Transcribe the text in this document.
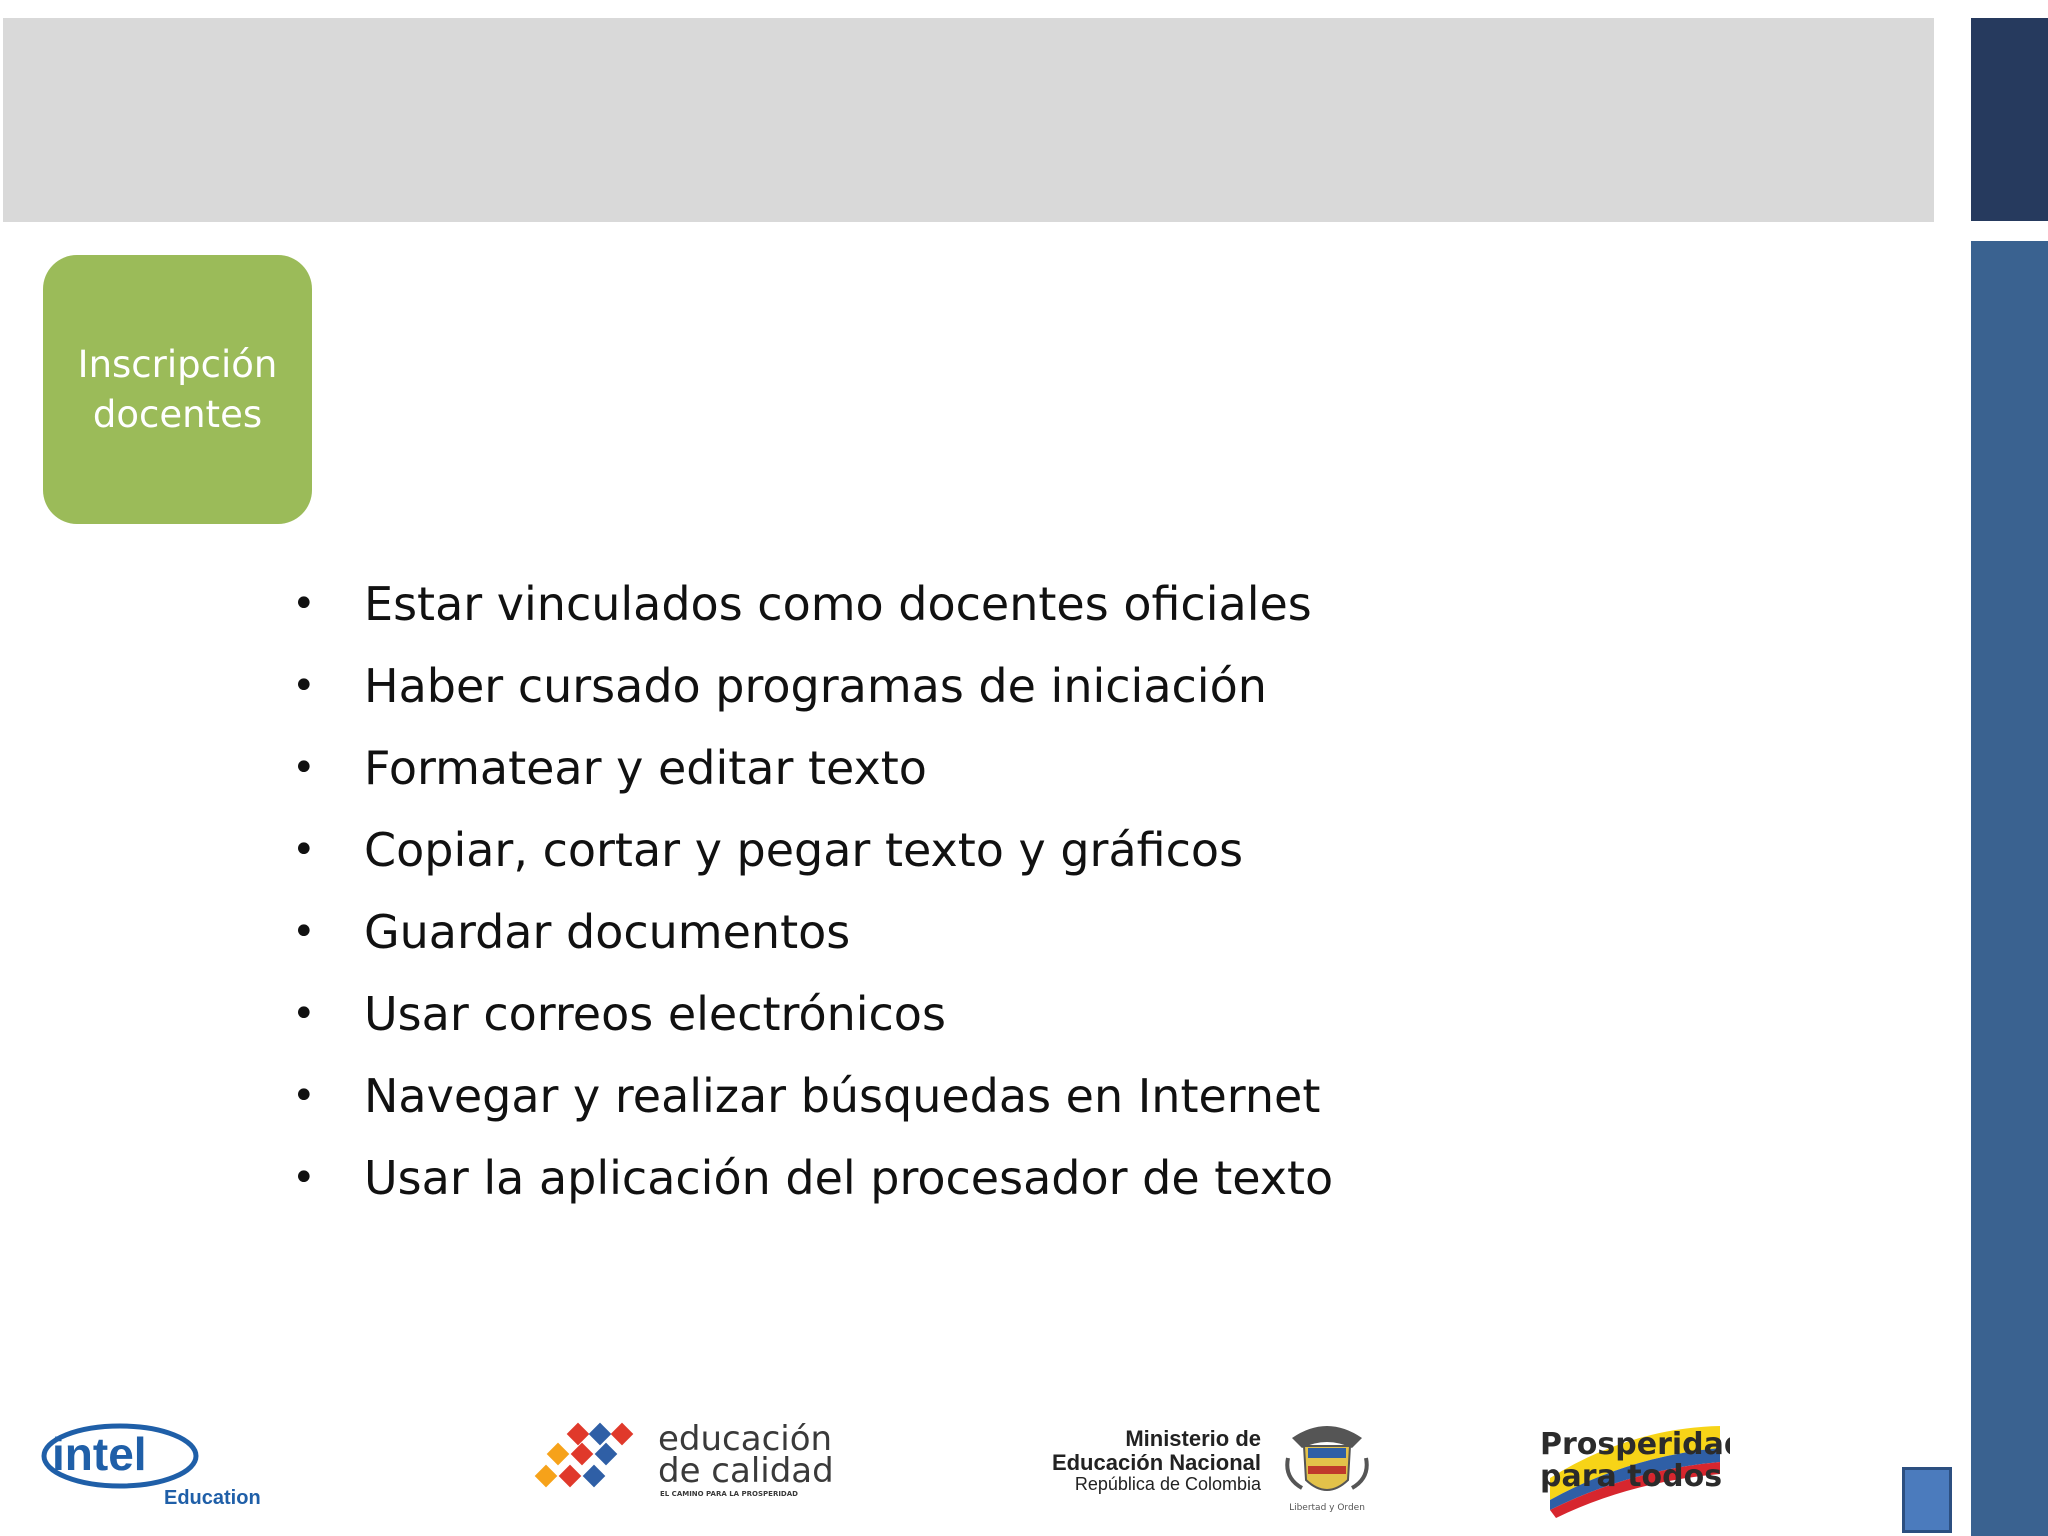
Inscripción
docentes
• Estar vinculados como docentes oficiales
• Haber cursado programas de iniciación
• Formatear y editar texto
• Copiar, cortar y pegar texto y gráficos
• Guardar documentos
• Usar correos electrónicos
• Navegar y realizar búsquedas en Internet
• Usar la aplicación del procesador de texto
intel
Education
educación
de calidad
EL CAMINO PARA LA PROSPERIDAD
Ministerio de
Educación Nacional
República de Colombia
Libertad y Orden
Prosperidad
para todos
